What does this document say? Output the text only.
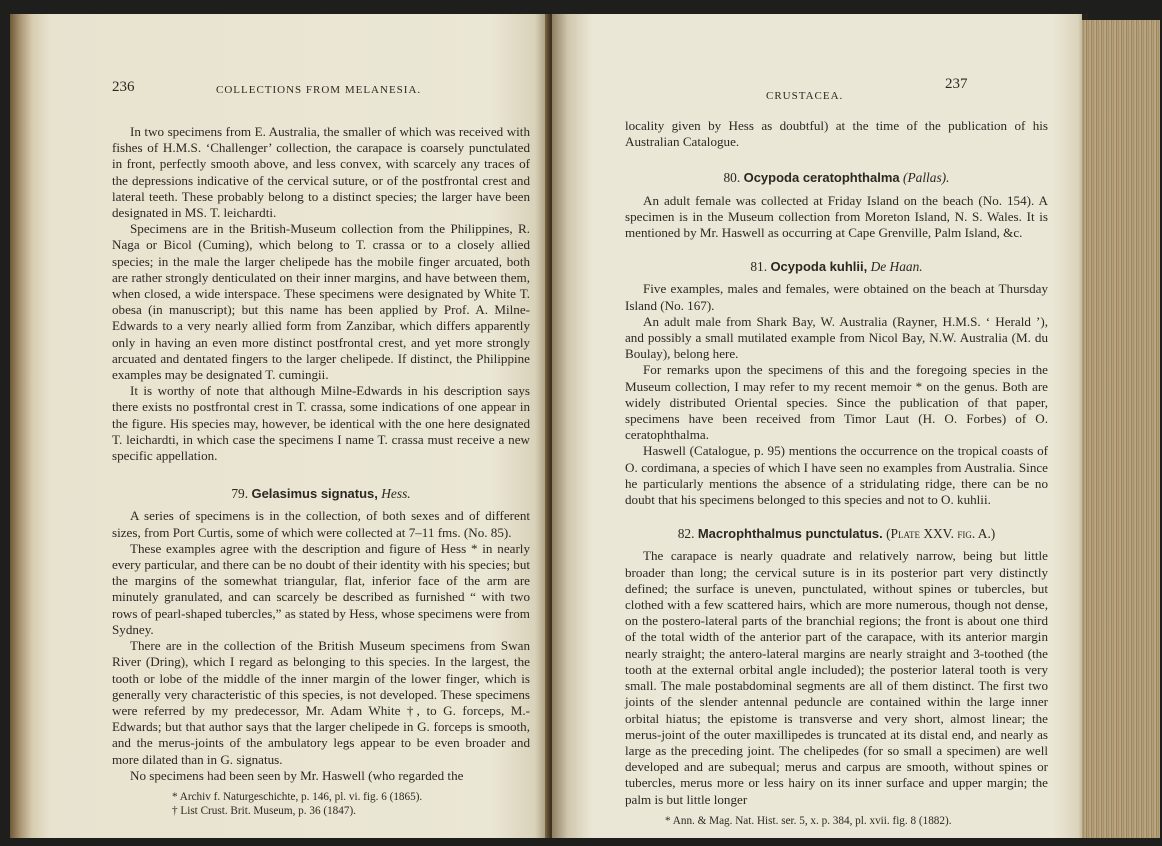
236	COLLECTIONS FROM MELANESIA.

In two specimens from E. Australia, the smaller of which was received with fishes of H.M.S. ‘Challenger’ collection, the carapace is coarsely punctulated in front, perfectly smooth above, and less convex, with scarcely any traces of the depressions indicative of the cervical suture, or of the postfrontal crest and lateral teeth. These probably belong to a distinct species; the larger have been designated in MS. T. leichardti.

Specimens are in the British-Museum collection from the Philippines, R. Naga or Bicol (Cuming), which belong to T. crassa or to a closely allied species; in the male the larger chelipede has the mobile finger arcuated, both are rather strongly denticulated on their inner margins, and have between them, when closed, a wide interspace. These specimens were designated by White T. obesa (in manuscript); but this name has been applied by Prof. A. Milne-Edwards to a very nearly allied form from Zanzibar, which differs apparently only in having an even more distinct postfrontal crest, and yet more strongly arcuated and dentated fingers to the larger chelipede. If distinct, the Philippine examples may be designated T. cumingii.

It is worthy of note that although Milne-Edwards in his description says there exists no postfrontal crest in T. crassa, some indications of one appear in the figure. His species may, however, be identical with the one here designated T. leichardti, in which case the specimens I name T. crassa must receive a new specific appellation.

79. Gelasimus signatus, Hess.

A series of specimens is in the collection, of both sexes and of different sizes, from Port Curtis, some of which were collected at 7–11 fms. (No. 85).

These examples agree with the description and figure of Hess * in nearly every particular, and there can be no doubt of their identity with his species; but the margins of the somewhat triangular, flat, inferior face of the arm are minutely granulated, and can scarcely be described as furnished “ with two rows of pearl-shaped tubercles,” as stated by Hess, whose specimens were from Sydney.

There are in the collection of the British Museum specimens from Swan River (Dring), which I regard as belonging to this species. In the largest, the tooth or lobe of the middle of the inner margin of the lower finger, which is generally very characteristic of this species, is not developed. These specimens were referred by my predecessor, Mr. Adam White †, to G. forceps, M.-Edwards; but that author says that the larger chelipede in G. forceps is smooth, and the merus-joints of the ambulatory legs appear to be even broader and more dilated than in G. signatus.

No specimens had been seen by Mr. Haswell (who regarded the

* Archiv f. Naturgeschichte, p. 146, pl. vi. fig. 6 (1865).

† List Crust. Brit. Museum, p. 36 (1847).

CRUSTACEA.
237

locality given by Hess as doubtful) at the time of the publication of his Australian Catalogue.

80. Ocypoda ceratophthalma (Pallas).

An adult female was collected at Friday Island on the beach (No. 154). A specimen is in the Museum collection from Moreton Island, N. S. Wales. It is mentioned by Mr. Haswell as occurring at Cape Grenville, Palm Island, &c.

81. Ocypoda kuhlii, De Haan.

Five examples, males and females, were obtained on the beach at Thursday Island (No. 167).

An adult male from Shark Bay, W. Australia (Rayner, H.M.S. ‘ Herald ’), and possibly a small mutilated example from Nicol Bay, N.W. Australia (M. du Boulay), belong here.

For remarks upon the specimens of this and the foregoing species in the Museum collection, I may refer to my recent memoir * on the genus. Both are widely distributed Oriental species. Since the publication of that paper, specimens have been received from Timor Laut (H. O. Forbes) of O. ceratophthalma.

Haswell (Catalogue, p. 95) mentions the occurrence on the tropical coasts of O. cordimana, a species of which I have seen no examples from Australia. Since he particularly mentions the absence of a stridulating ridge, there can be no doubt that his specimens belonged to this species and not to O. kuhlii.

82. Macrophthalmus punctulatus. (Plate XXV. fig. A.)

The carapace is nearly quadrate and relatively narrow, being but little broader than long; the cervical suture is in its posterior part very distinctly defined; the surface is uneven, punctulated, without spines or tubercles, but clothed with a few scattered hairs, which are more numerous, though not dense, on the postero-lateral parts of the branchial regions; the front is about one third of the total width of the anterior part of the carapace, with its anterior margin nearly straight; the antero-lateral margins are nearly straight and 3-toothed (the tooth at the external orbital angle included); the posterior lateral tooth is very small. The male postabdominal segments are all of them distinct. The first two joints of the slender antennal peduncle are contained within the large inner orbital hiatus; the epistome is transverse and very short, almost linear; the merus-joint of the outer maxillipedes is truncated at its distal end, and nearly as large as the preceding joint. The chelipedes (for so small a specimen) are well developed and are subequal; merus and carpus are smooth, without spines or tubercles, merus more or less hairy on its inner surface and upper margin; the palm is but little longer

* Ann. & Mag. Nat. Hist. ser. 5, x. p. 384, pl. xvii. fig. 8 (1882).
